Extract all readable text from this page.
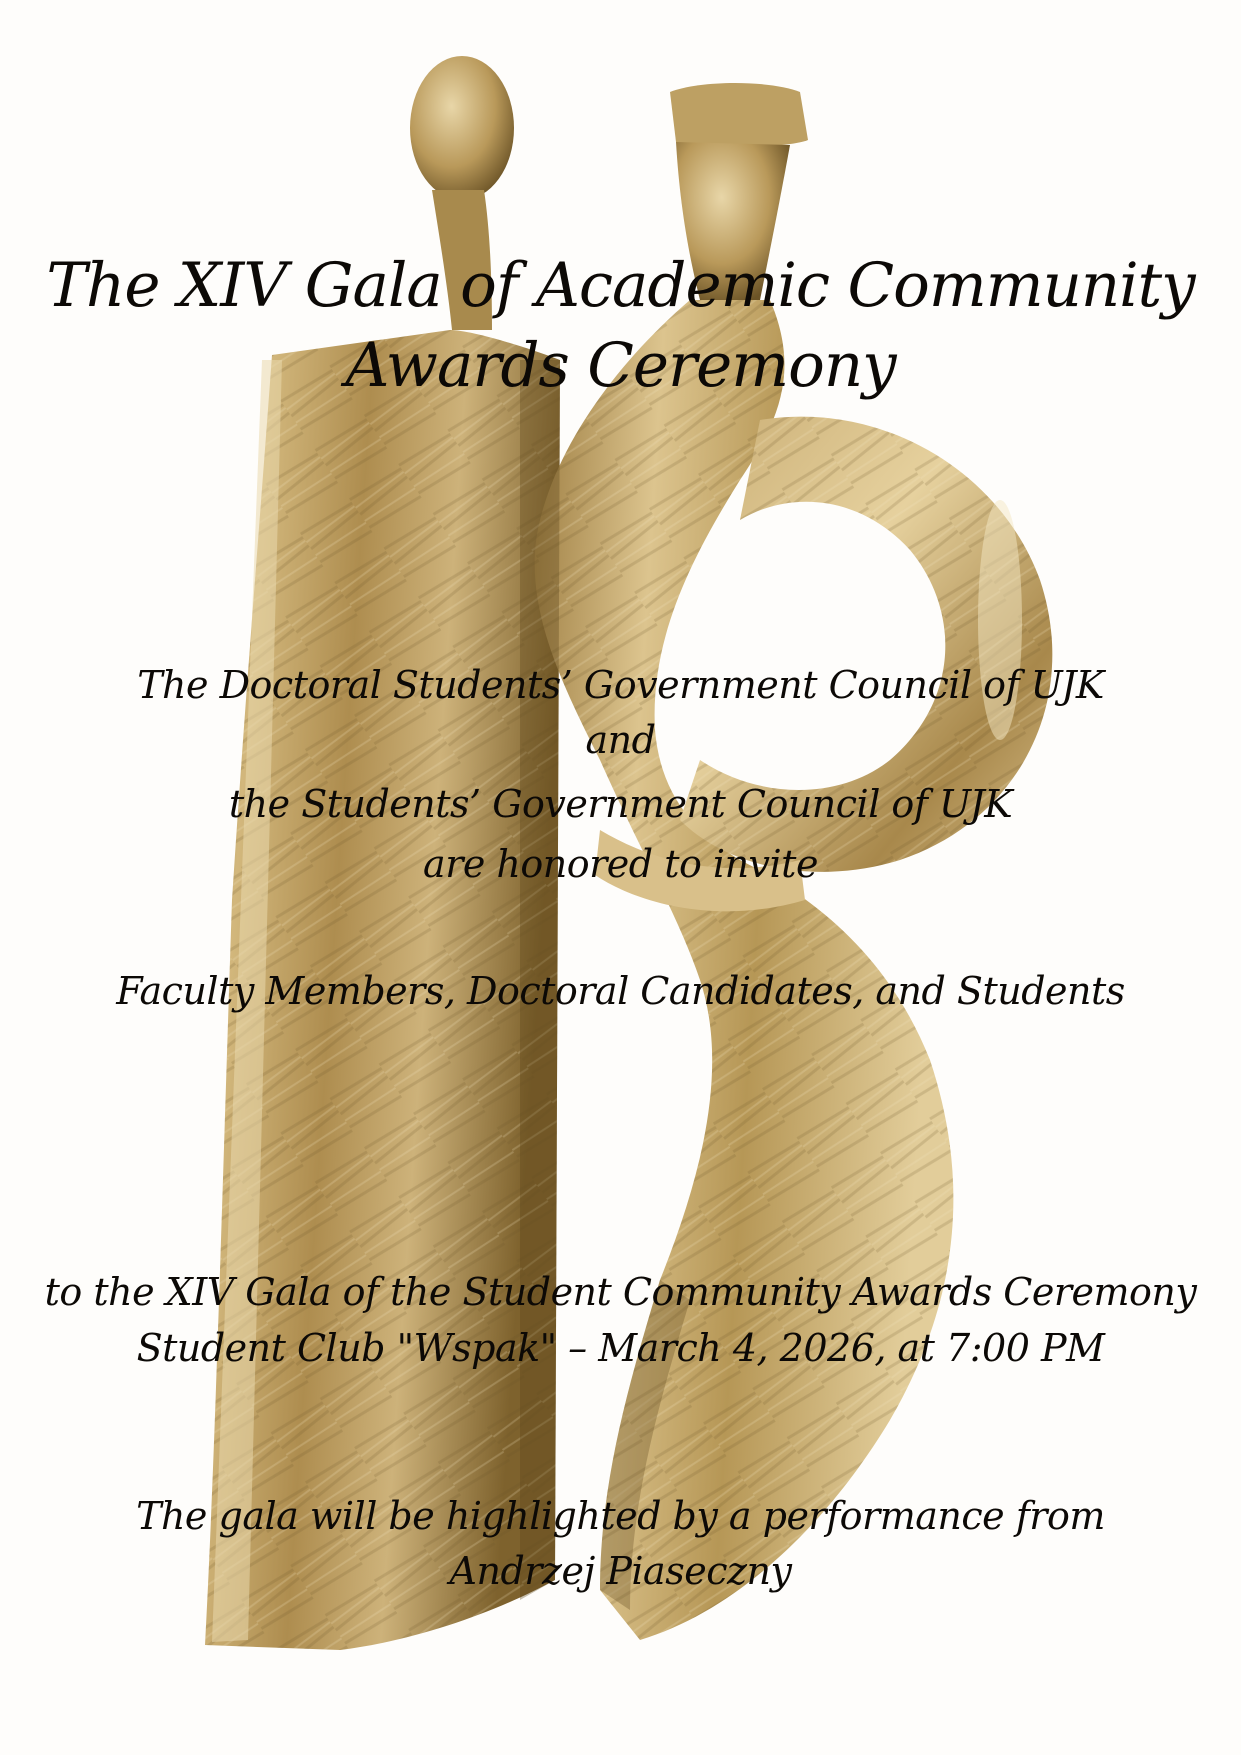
The XIV Gala of Academic Community

Awards Ceremony

The Doctoral Students’ Government Council of UJK

and

the Students’ Government Council of UJK

are honored to invite

Faculty Members, Doctoral Candidates, and Students

to the XIV Gala of the Student Community Awards Ceremony

Student Club "Wspak" – March 4, 2026, at 7:00 PM

The gala will be highlighted by a performance from

Andrzej Piaseczny
